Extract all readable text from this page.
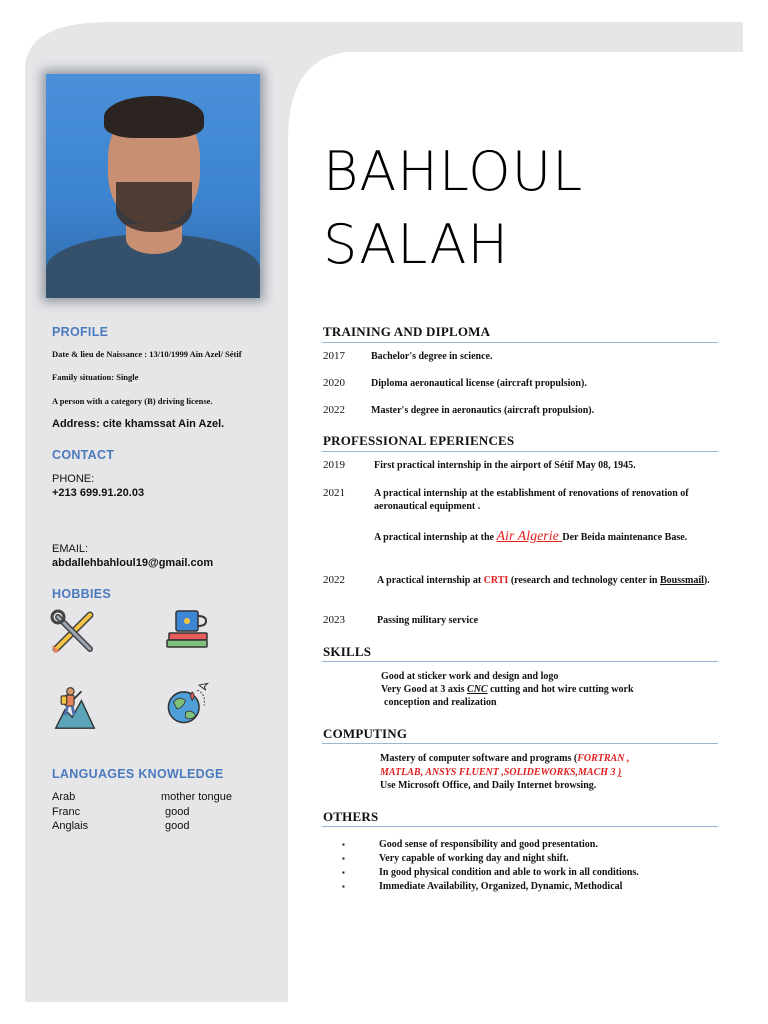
BAHLOUL
SALAH
PROFILE
Date & lieu de Naissance : 13/10/1999 Ain Azel/ Sétif
Family situation: Single
A person with a category (B) driving license.
Address: cite khamssat Ain Azel.
CONTACT
PHONE:
+213 699.91.20.03
EMAIL:
abdallehbahloul19@gmail.com
HOBBIES
LANGUAGES KNOWLEDGE
Arab	mother tongue
Franc	good
Anglais	good
TRAINING AND DIPLOMA
2017	Bachelor's degree in science.
2020	Diploma aeronautical license (aircraft propulsion).
2022	Master's degree in aeronautics (aircraft propulsion).
PROFESSIONAL EPERIENCES
2019	First practical internship in the airport of Sétif May 08, 1945.
2021	A practical internship at the establishment of renovations of renovation of aeronautical equipment .
A practical internship at the Air Algerie Der Beida maintenance Base.
2022	A practical internship at CRTI (research and technology center in Boussmail).
2023	Passing military service
SKILLS
Good at sticker work and design and logo
Very Good at 3 axis CNC cutting and hot wire cutting work
conception and realization
COMPUTING
Mastery of computer software and programs (FORTRAN ,
MATLAB, ANSYS FLUENT ,SOLIDEWORKS,MACH 3 )
Use Microsoft Office, and Daily Internet browsing.
OTHERS
▪ Good sense of responsibility and good presentation.
▪ Very capable of working day and night shift.
▪ In good physical condition and able to work in all conditions.
▪ Immediate Availability, Organized, Dynamic, Methodical
